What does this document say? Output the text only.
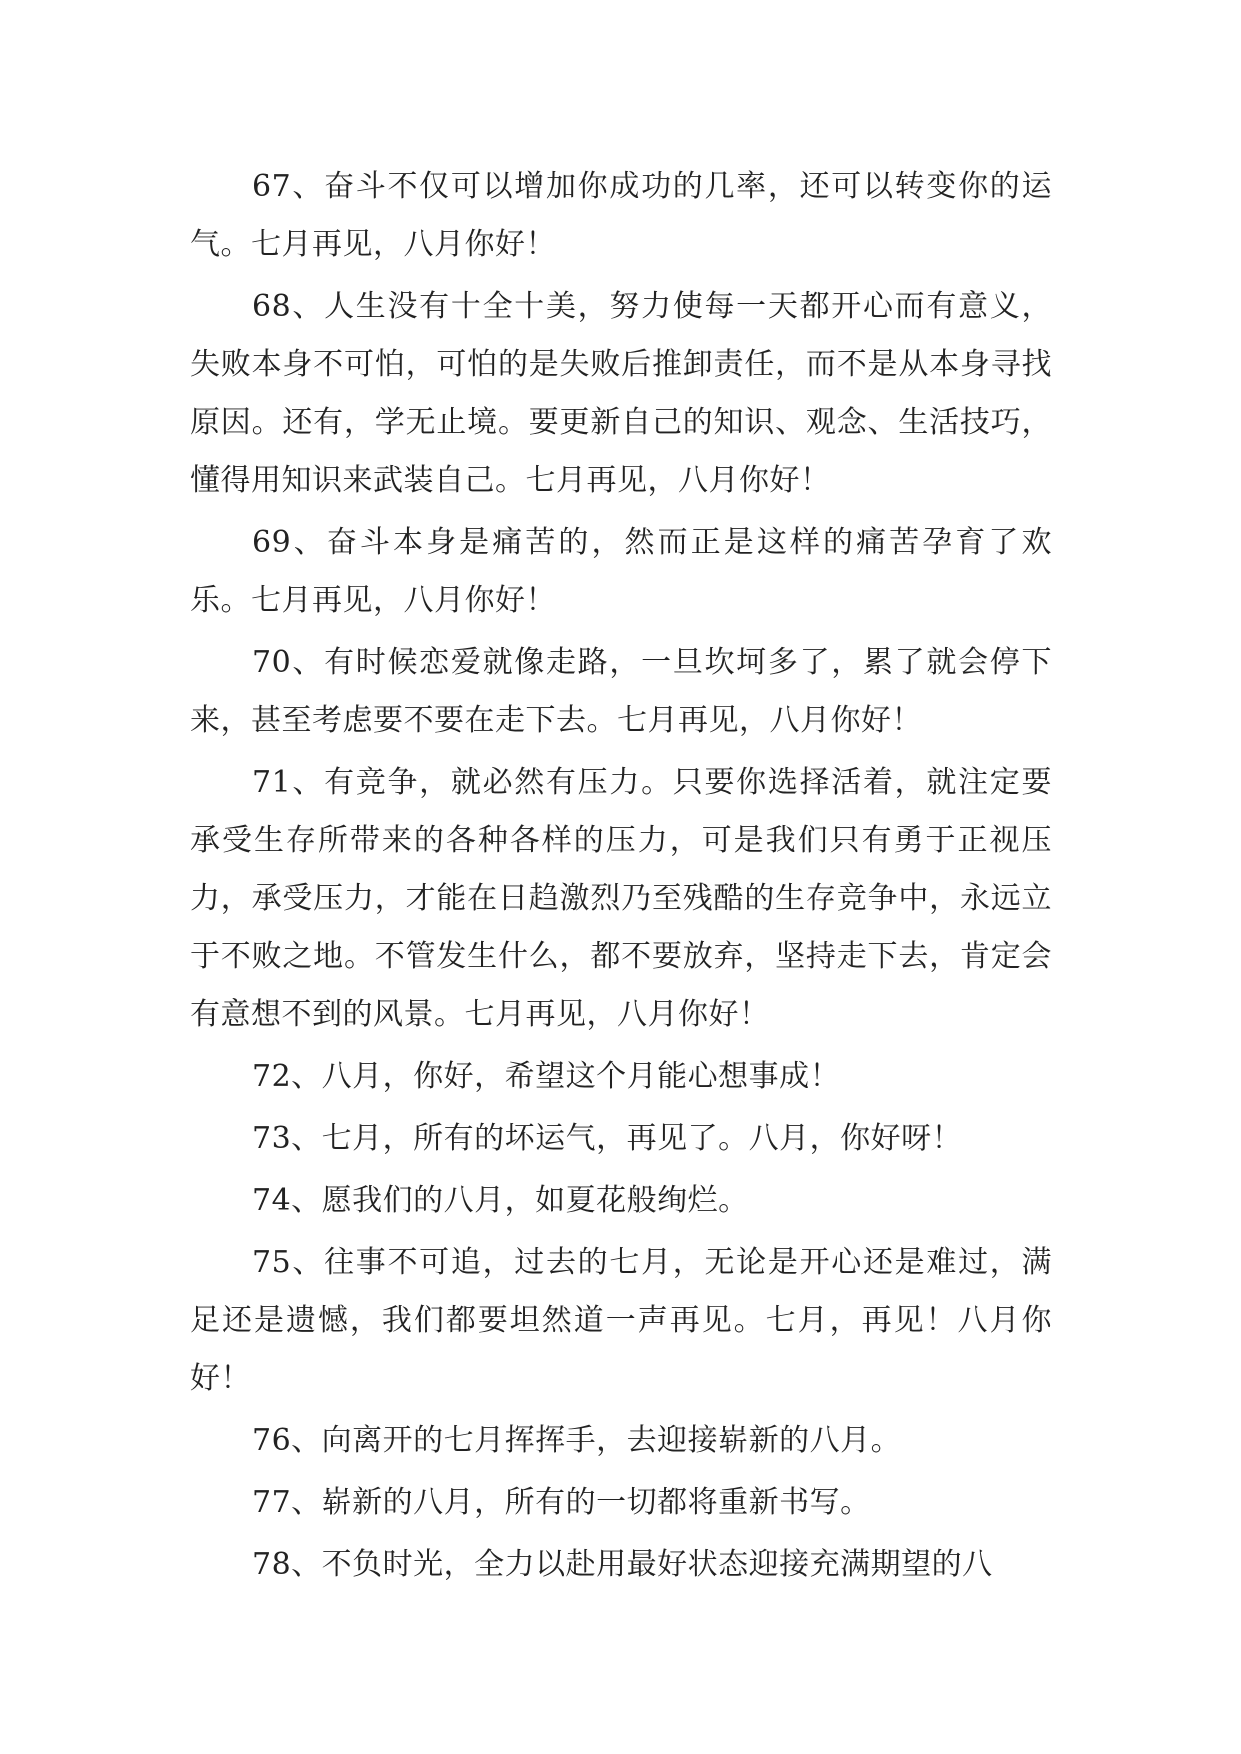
67、奋斗不仅可以增加你成功的几率，还可以转变你的运气。七月再见，八月你好！

68、人生没有十全十美，努力使每一天都开心而有意义，失败本身不可怕，可怕的是失败后推卸责任，而不是从本身寻找原因。还有，学无止境。要更新自己的知识、观念、生活技巧，懂得用知识来武装自己。七月再见，八月你好！

69、奋斗本身是痛苦的，然而正是这样的痛苦孕育了欢乐。七月再见，八月你好！

70、有时候恋爱就像走路，一旦坎坷多了，累了就会停下来，甚至考虑要不要在走下去。七月再见，八月你好！

71、有竞争，就必然有压力。只要你选择活着，就注定要承受生存所带来的各种各样的压力，可是我们只有勇于正视压力，承受压力，才能在日趋激烈乃至残酷的生存竞争中，永远立于不败之地。不管发生什么，都不要放弃，坚持走下去，肯定会有意想不到的风景。七月再见，八月你好！

72、八月，你好，希望这个月能心想事成！

73、七月，所有的坏运气，再见了。八月，你好呀！

74、愿我们的八月，如夏花般绚烂。

75、往事不可追，过去的七月，无论是开心还是难过，满足还是遗憾，我们都要坦然道一声再见。七月，再见！八月你好！

76、向离开的七月挥挥手，去迎接崭新的八月。

77、崭新的八月，所有的一切都将重新书写。

78、不负时光，全力以赴用最好状态迎接充满期望的八
